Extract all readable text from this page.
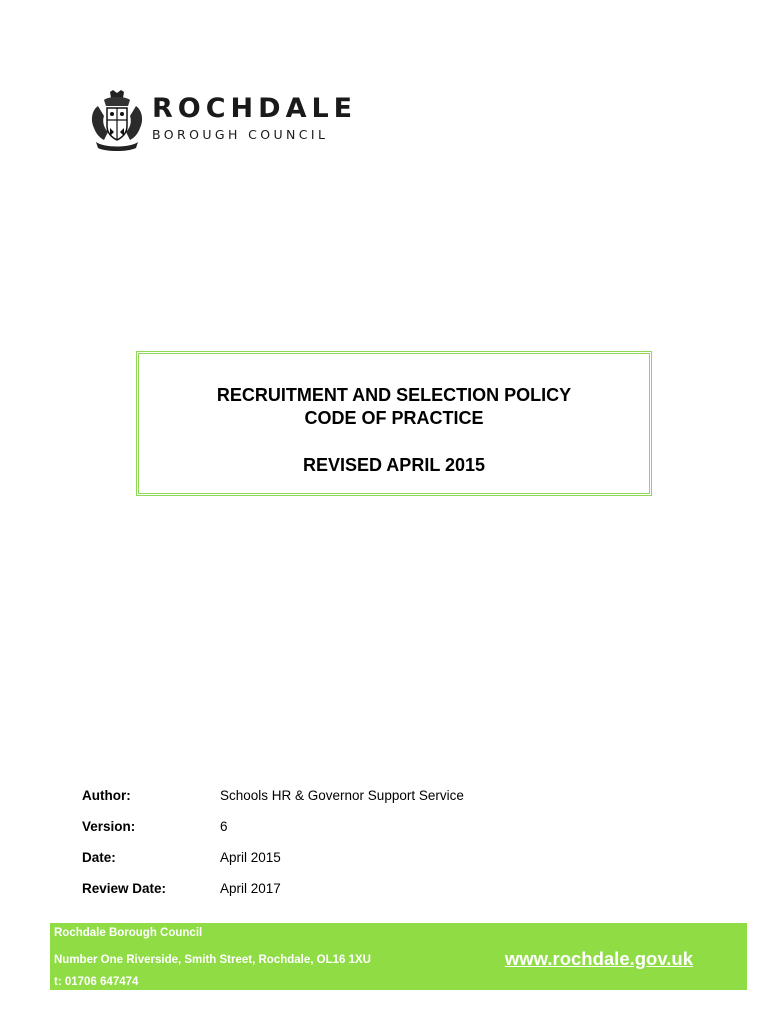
ROCHDALE
BOROUGH COUNCIL
RECRUITMENT AND SELECTION POLICY
CODE OF PRACTICE
REVISED APRIL 2015
Author:	Schools HR & Governor Support Service
Version:	6
Date:	April 2015
Review Date:	April 2017
Rochdale Borough Council
Number One Riverside, Smith Street, Rochdale, OL16 1XU
t: 01706 647474
www.rochdale.gov.uk
